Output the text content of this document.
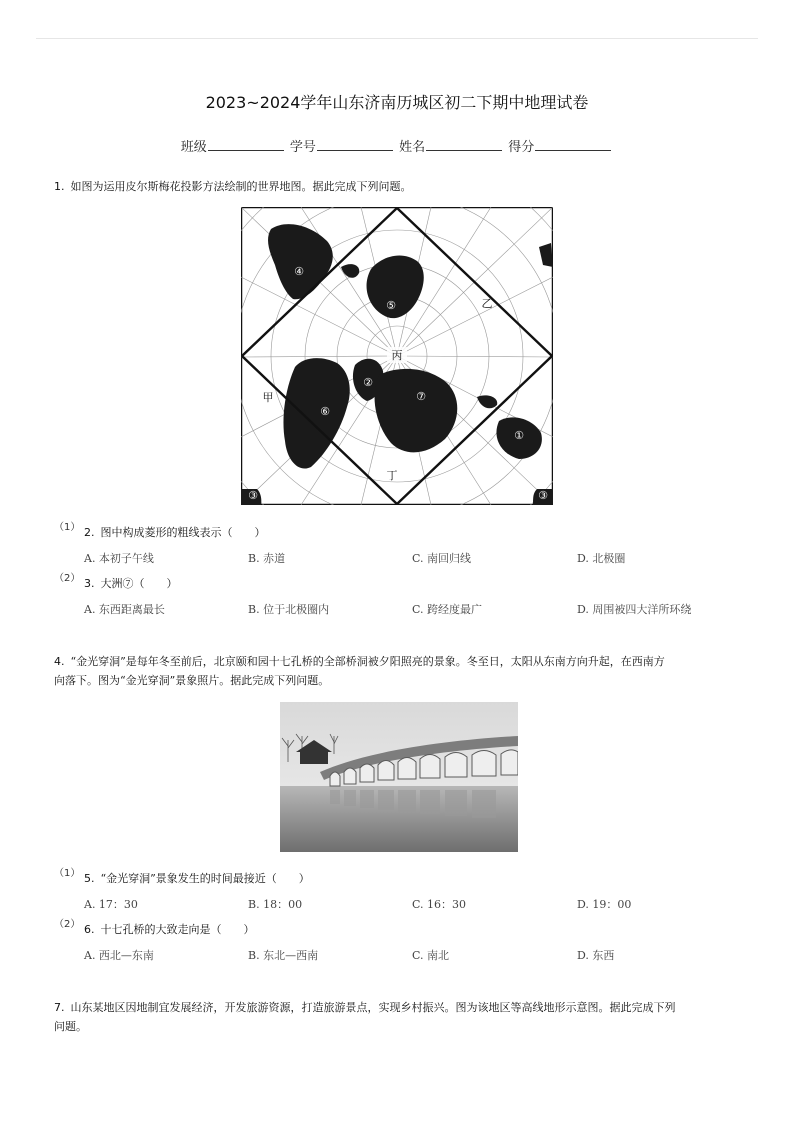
2023~2024学年山东济南历城区初二下期中地理试卷
班级	学号	姓名	得分
1. 如图为运用皮尔斯梅花投影方法绘制的世界地图。据此完成下列问题。
丙
乙
甲
丁
④
⑤
②
⑥
⑦
①
③	③
（1） 2. 图中构成菱形的粗线表示（　　）
A. 本初子午线	B. 赤道	C. 南回归线	D. 北极圈
（2） 3. 大洲⑦（　　）
A. 东西距离最长	B. 位于北极圈内	C. 跨经度最广	D. 周围被四大洋所环绕
4. “金光穿洞”是每年冬至前后，北京颐和园十七孔桥的全部桥洞被夕阳照亮的景象。冬至日，太阳从东南方向升起，在西南方
向落下。图为“金光穿洞”景象照片。据此完成下列问题。
（1） 5. “金光穿洞”景象发生的时间最接近（　　）
A. 17：30	B. 18：00	C. 16：30	D. 19：00
（2） 6. 十七孔桥的大致走向是（　　）
A. 西北—东南	B. 东北—西南	C. 南北	D. 东西
7. 山东某地区因地制宜发展经济，开发旅游资源，打造旅游景点，实现乡村振兴。图为该地区等高线地形示意图。据此完成下列
问题。
